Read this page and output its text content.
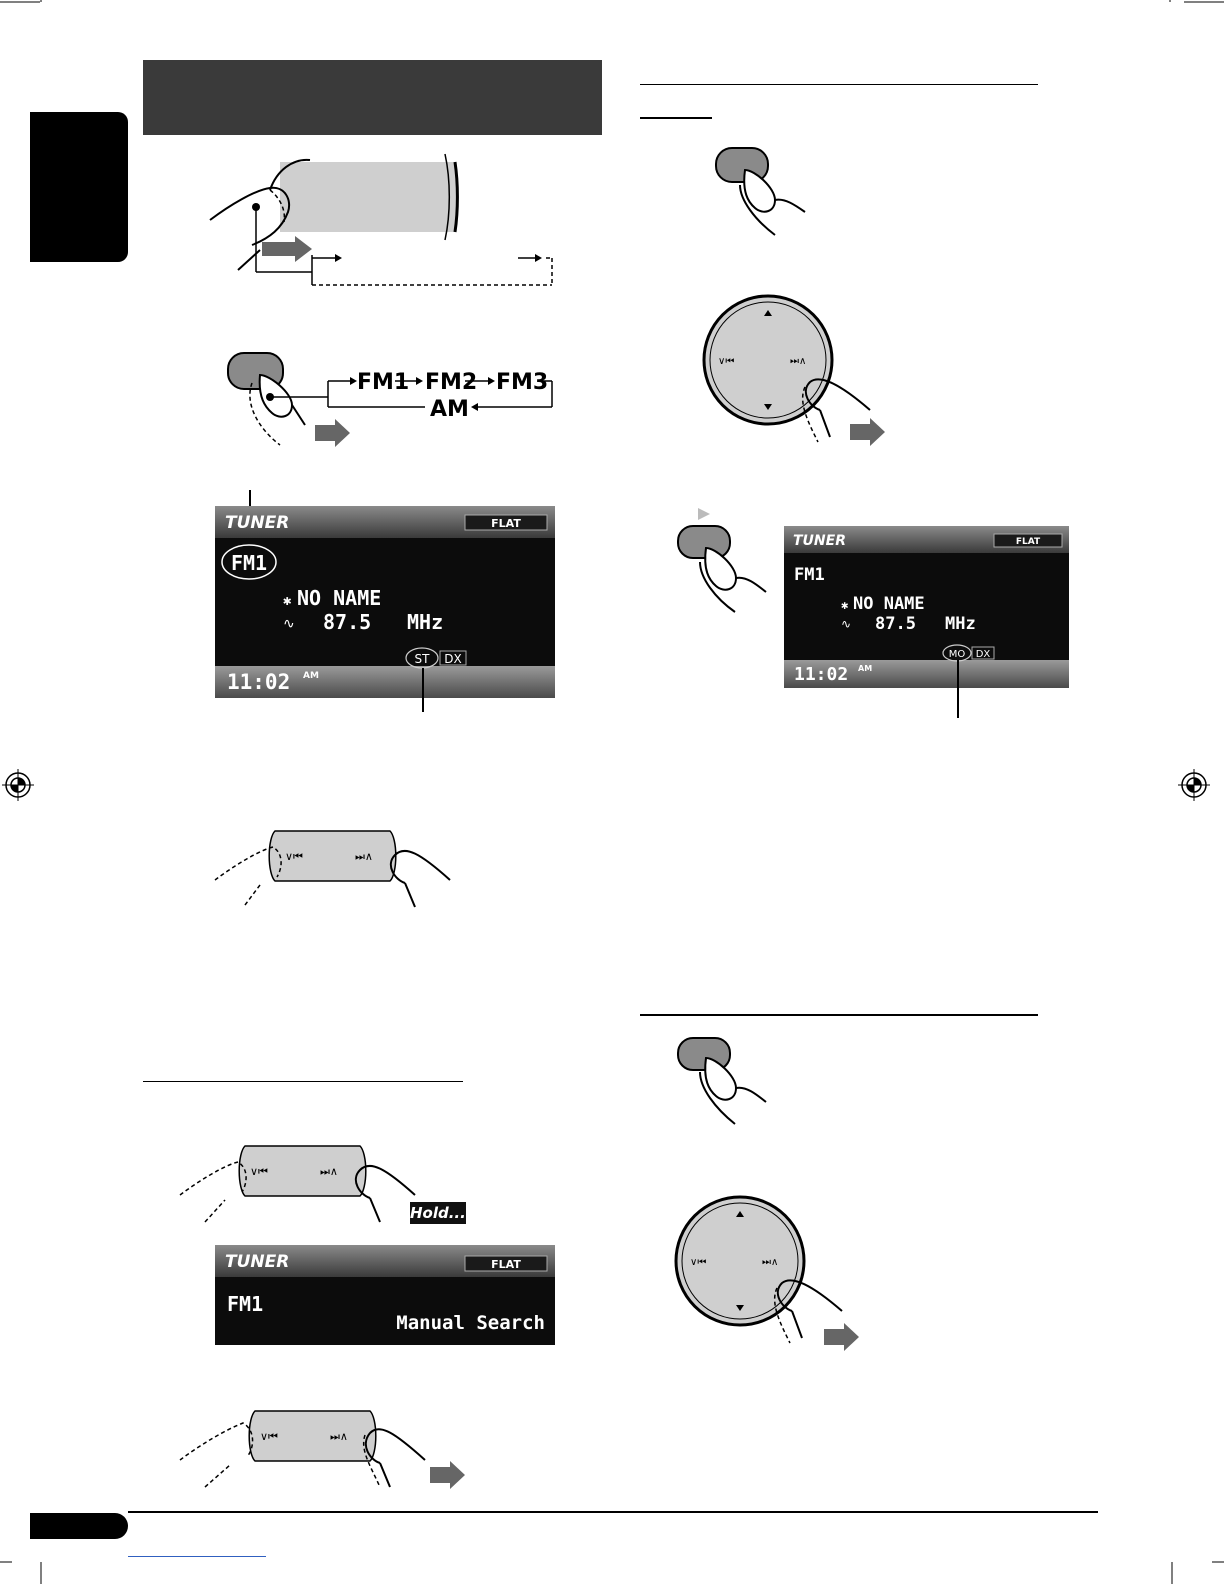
FM1 FM2 FM3
AM
TUNER	FLAT
FM1
✱ NO NAME
∿ 87.5 MHz
ST DX
11:02 AM
∨⏮	⏭∧
∨⏮	⏭∧
Hold....
TUNER	FLAT
FM1
Manual Search
∨⏮	⏭∧
∨⏮	⏭∧
TUNER	FLAT
FM1
✱ NO NAME
∿ 87.5 MHz
MO DX
11:02 AM
∨⏮	⏭∧
